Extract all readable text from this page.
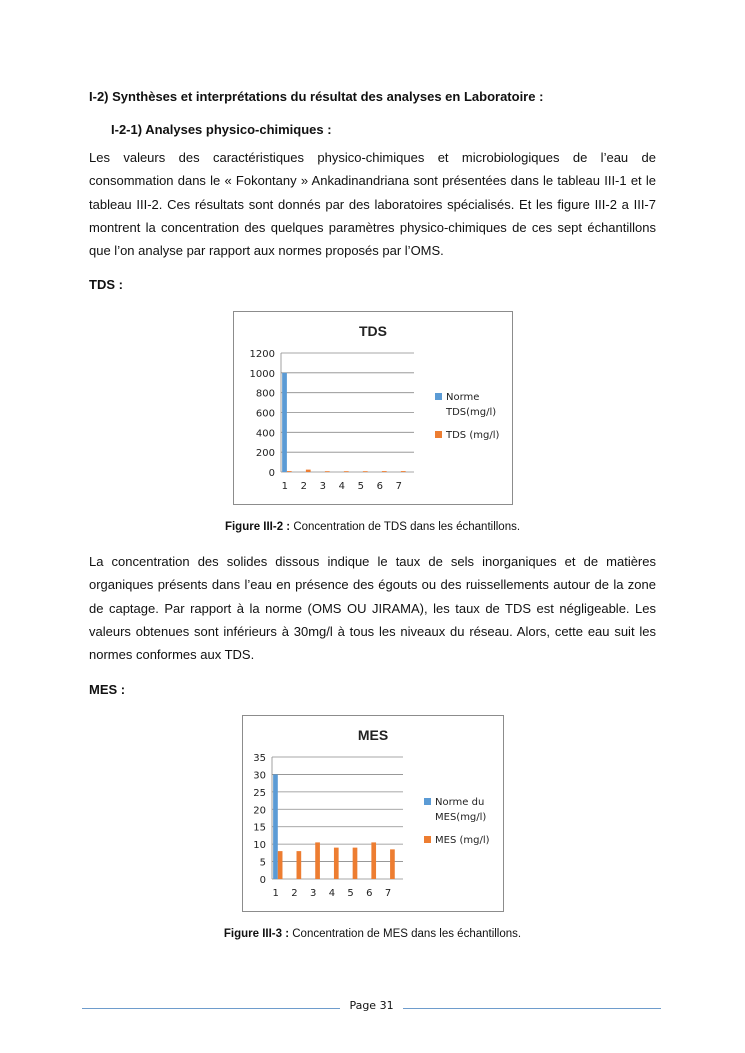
I-2) Synthèses et interprétations du résultat des analyses en Laboratoire :
I-2-1) Analyses physico-chimiques :
Les valeurs des caractéristiques physico-chimiques et microbiologiques de l’eau de consommation dans le « Fokontany » Ankadinandriana sont présentées dans le tableau III-1 et le tableau III-2. Ces résultats sont donnés par des laboratoires spécialisés. Et les figure III-2 a III-7 montrent la concentration des quelques paramètres physico-chimiques de ces sept échantillons que l’on analyse par rapport aux normes proposés par l’OMS.
TDS :
TDS
0
200
400
600
800
1000
1200
1 2 3 4 5 6 7
Norme
TDS(mg/l)
TDS (mg/l)
Figure III-2 : Concentration de TDS dans les échantillons.
La concentration des solides dissous indique le taux de sels inorganiques et de matières organiques présents dans l’eau en présence des égouts ou des ruissellements autour de la zone de captage. Par rapport à la norme (OMS OU JIRAMA), les taux de TDS est négligeable. Les valeurs obtenues sont inférieurs à 30mg/l à tous les niveaux du réseau. Alors, cette eau suit les normes conformes aux TDS.
MES :
MES
0
5
10
15
20
25
30
35
1 2 3 4 5 6 7
Norme du
MES(mg/l)
MES (mg/l)
Figure III-3 : Concentration de MES dans les échantillons.
Page 31
